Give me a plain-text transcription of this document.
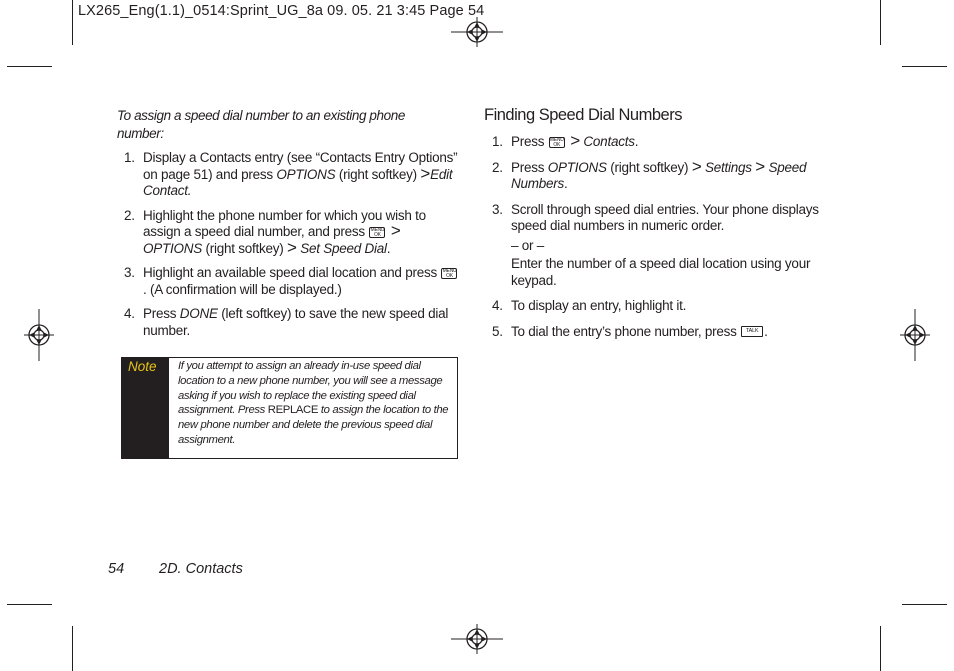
LX265_Eng(1.1)_0514:Sprint_UG_8a 09. 05. 21 3:45 Page 54
To assign a speed dial number to an existing phone number:
1. Display a Contacts entry (see “Contacts Entry Options” on page 51) and press OPTIONS (right softkey) >Edit Contact.
2. Highlight the phone number for which you wish to assign a speed dial number, and press MENU OK > OPTIONS (right softkey) > Set Speed Dial.
3. Highlight an available speed dial location and press MENU OK. (A confirmation will be displayed.)
4. Press DONE (left softkey) to save the new speed dial number.
Note If you attempt to assign an already in-use speed dial location to a new phone number, you will see a message asking if you wish to replace the existing speed dial assignment. Press REPLACE to assign the location to the new phone number and delete the previous speed dial assignment.
Finding Speed Dial Numbers
1. Press MENU OK > Contacts.
2. Press OPTIONS (right softkey) > Settings > Speed Numbers.
3. Scroll through speed dial entries. Your phone displays speed dial numbers in numeric order.
– or –
Enter the number of a speed dial location using your keypad.
4. To display an entry, highlight it.
5. To dial the entry’s phone number, press TALK .
54 2D. Contacts
